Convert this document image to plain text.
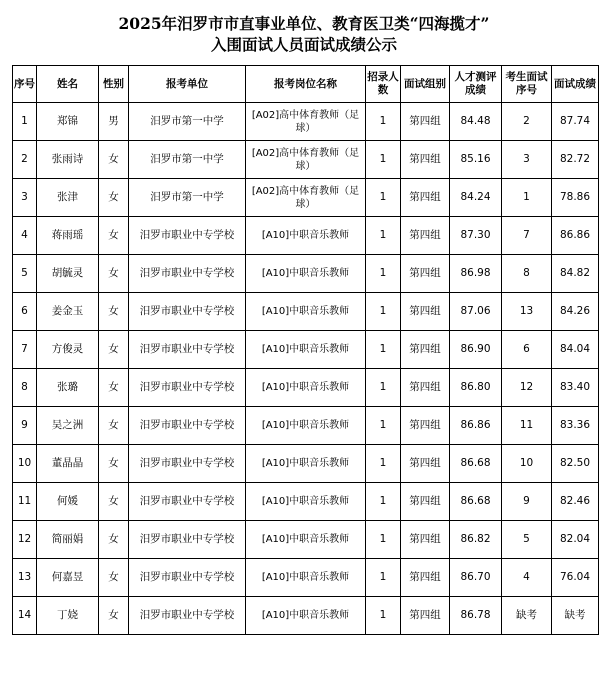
2025年汨罗市市直事业单位、教育医卫类“四海揽才”
入围面试人员面试成绩公示
序号	姓名	性别	报考单位	报考岗位名称	招录人数	面试组别	人才测评成绩	考生面试序号	面试成绩
1	郑锦	男	汨罗市第一中学	[A02]高中体育教师（足球）	1	第四组	84.48	2	87.74
2	张雨诗	女	汨罗市第一中学	[A02]高中体育教师（足球）	1	第四组	85.16	3	82.72
3	张津	女	汨罗市第一中学	[A02]高中体育教师（足球）	1	第四组	84.24	1	78.86
4	蒋雨瑶	女	汨罗市职业中专学校	[A10]中职音乐教师	1	第四组	87.30	7	86.86
5	胡毓灵	女	汨罗市职业中专学校	[A10]中职音乐教师	1	第四组	86.98	8	84.82
6	姜金玉	女	汨罗市职业中专学校	[A10]中职音乐教师	1	第四组	87.06	13	84.26
7	方俊灵	女	汨罗市职业中专学校	[A10]中职音乐教师	1	第四组	86.90	6	84.04
8	张璐	女	汨罗市职业中专学校	[A10]中职音乐教师	1	第四组	86.80	12	83.40
9	吴之洲	女	汨罗市职业中专学校	[A10]中职音乐教师	1	第四组	86.86	11	83.36
10	董晶晶	女	汨罗市职业中专学校	[A10]中职音乐教师	1	第四组	86.68	10	82.50
11	何媛	女	汨罗市职业中专学校	[A10]中职音乐教师	1	第四组	86.68	9	82.46
12	简丽娟	女	汨罗市职业中专学校	[A10]中职音乐教师	1	第四组	86.82	5	82.04
13	何嘉昱	女	汨罗市职业中专学校	[A10]中职音乐教师	1	第四组	86.70	4	76.04
14	丁娆	女	汨罗市职业中专学校	[A10]中职音乐教师	1	第四组	86.78	缺考	缺考
